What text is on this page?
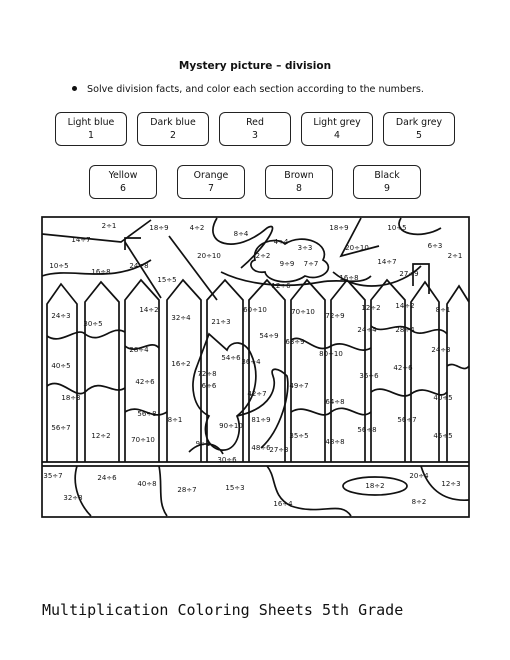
Mystery picture – division
Solve division facts, and color each section according to the numbers.
Light blue
1
Dark blue
2
Red
3
Light grey
4
Dark grey
5
Yellow
6
Orange
7
Brown
8
Black
9
2÷1	18÷9	4÷2
8÷4
18÷9	10÷5
14÷7	4÷4
3÷3	20÷10	6÷3
10÷5	24÷8
20÷10	2÷2
9÷9 7÷7	14÷7
2÷1
16÷8
15÷5	16÷8	27÷9
12÷6
24÷3
14÷2
32÷4
60÷10	70÷10	12÷2 14÷2	8÷1
30÷5	21÷3
72÷9
24÷4	28÷4
54÷9
63÷9
28÷4
16÷2
54÷6 36÷4
80÷10	24÷3
40÷5
72÷8	36÷6
42÷6
42÷6	6÷6
42÷7
49÷7
18÷3	64÷8	40÷5
56÷8
8÷1	81÷9
56÷7
12÷2	70÷10
90÷10
35÷5
48÷8
56÷8
56÷7
45÷5
9÷1	48÷6
27÷3
30÷6
35÷7	24÷6
32÷8
40÷8
28÷7	15÷3
16÷4
20÷4
18÷2
8÷2
12÷3
Multiplication Coloring Sheets 5th Grade
